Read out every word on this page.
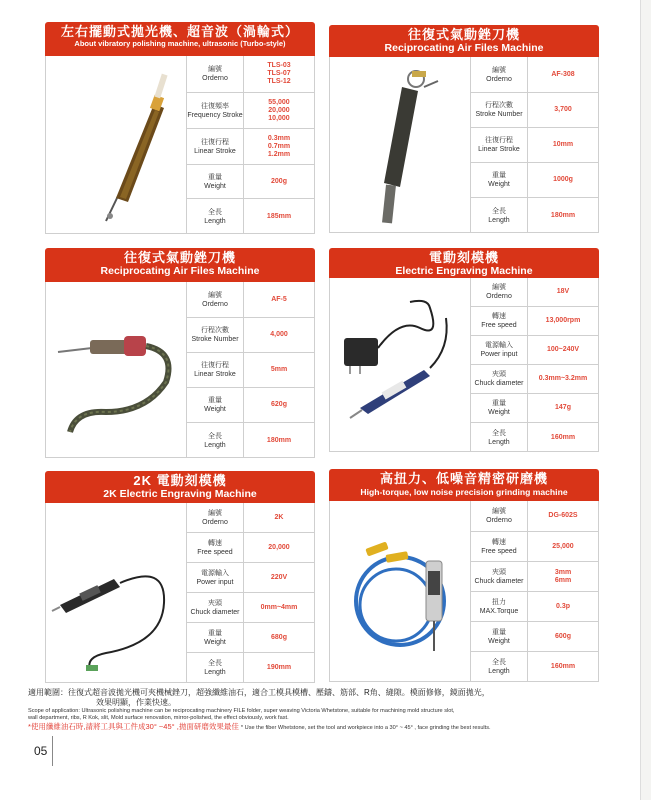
左右擺動式拋光機、超音波（渦輪式）
About vibratory polishing machine, ultrasonic (Turbo-style)
編號
Orderno
TLS-03
TLS-07
TLS-12
往復頻率
Frequency Stroke
55,000
20,000
10,000
往復行程
Linear Stroke
0.3mm
0.7mm
1.2mm
重量
Weight
200g
全長
Length
185mm
往復式氣動銼刀機
Reciprocating Air Files Machine
編號
Orderno
AF-308
行程次數
Stroke Number
3,700
往復行程
Linear Stroke
10mm
重量
Weight
1000g
全長
Length
180mm
往復式氣動銼刀機
Reciprocating Air Files Machine
編號
Orderno
AF-5
行程次數
Stroke Number
4,000
往復行程
Linear Stroke
5mm
重量
Weight
620g
全長
Length
180mm
電動刻模機
Electric Engraving Machine
編號
Orderno
18V
轉速
Free speed
13,000rpm
電源輸入
Power input
100~240V
夾頭
Chuck diameter
0.3mm~3.2mm
重量
Weight
147g
全長
Length
160mm
2K 電動刻模機
2K Electric Engraving Machine
編號
Orderno
2K
轉速
Free speed
20,000
電源輸入
Power input
220V
夾頭
Chuck diameter
0mm~4mm
重量
Weight
680g
全長
Length
190mm
高扭力、低噪音精密研磨機
High-torque, low noise precision grinding machine
編號
Orderno
DG-602S
轉速
Free speed
25,000
夾頭
Chuck diameter
3mm
6mm
扭力
MAX.Torque
0.3p
重量
Weight
600g
全長
Length
160mm
適用範圍：往復式超音波拋光機可夾機械銼刀，超強纖維油石，適合工模具模槽、壓鑄、筋部、R角、縫隙。模面修修，鏡面拋光，
效果明顯，作業快速。
Scope of application: Ultrasonic polishing machine can be reciprocating machinery FILE folder, super weaving Victoria Whetstone, suitable for machining mold structure slot,
wall department, ribs, R Kok, slit, Mold surface renovation, mirror-polished, the effect obviously, work fast.
*使用纖維油石時,請將工具與工件成30° ~45° ,拋面研磨效果最佳 * Use the fiber Whetstone, set the tool and workpiece into a 30° ~ 45° , face grinding the best results.
05
